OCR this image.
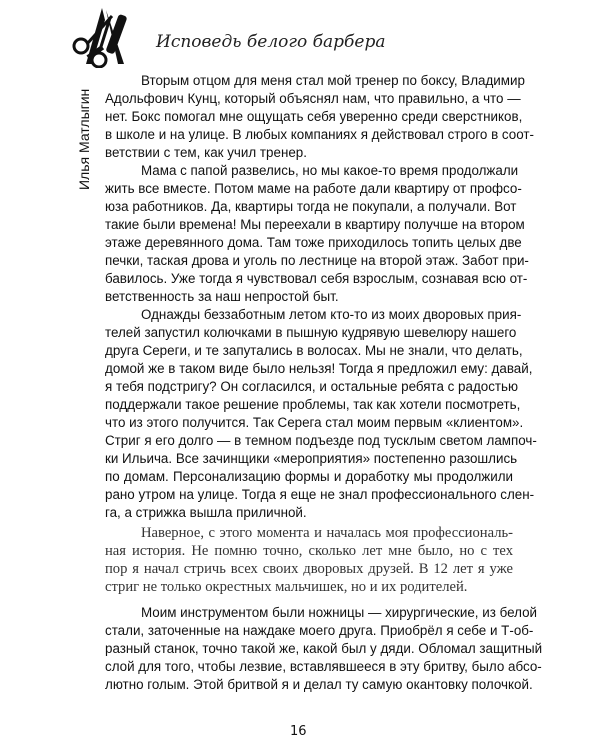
Исповедь белого барбера
Илья Матлыгин
Вторым отцом для меня стал мой тренер по боксу, Владимир
Адольфович Кунц, который объяснял нам, что правильно, а что —
нет. Бокс помогал мне ощущать себя уверенно среди сверстников,
в школе и на улице. В любых компаниях я действовал строго в соот-
ветствии с тем, как учил тренер.
Мама с папой развелись, но мы какое-то время продолжали
жить все вместе. Потом маме на работе дали квартиру от профсо-
юза работников. Да, квартиры тогда не покупали, а получали. Вот
такие были времена! Мы переехали в квартиру получше на втором
этаже деревянного дома. Там тоже приходилось топить целых две
печки, таская дрова и уголь по лестнице на второй этаж. Забот при-
бавилось. Уже тогда я чувствовал себя взрослым, сознавая всю от-
ветственность за наш непростой быт.
Однажды беззаботным летом кто-то из моих дворовых прия-
телей запустил колючками в пышную кудрявую шевелюру нашего
друга Сереги, и те запутались в волосах. Мы не знали, что делать,
домой же в таком виде было нельзя! Тогда я предложил ему: давай,
я тебя подстригу? Он согласился, и остальные ребята с радостью
поддержали такое решение проблемы, так как хотели посмотреть,
что из этого получится. Так Серега стал моим первым «клиентом».
Стриг я его долго — в темном подъезде под тусклым светом лампоч-
ки Ильича. Все зачинщики «мероприятия» постепенно разошлись
по домам. Персонализацию формы и доработку мы продолжили
рано утром на улице. Тогда я еще не знал профессионального слен-
га, а стрижка вышла приличной.
Наверное, с этого момента и началась моя профессиональ-
ная история. Не помню точно, сколько лет мне было, но с тех
пор я начал стричь всех своих дворовых друзей. В 12 лет я уже
стриг не только окрестных мальчишек, но и их родителей.
Моим инструментом были ножницы — хирургические, из белой
стали, заточенные на наждаке моего друга. Приобрёл я себе и Т-об-
разный станок, точно такой же, какой был у дяди. Обломал защитный
слой для того, чтобы лезвие, вставлявшееся в эту бритву, было абсо-
лютно голым. Этой бритвой я и делал ту самую окантовку полочкой.
16
